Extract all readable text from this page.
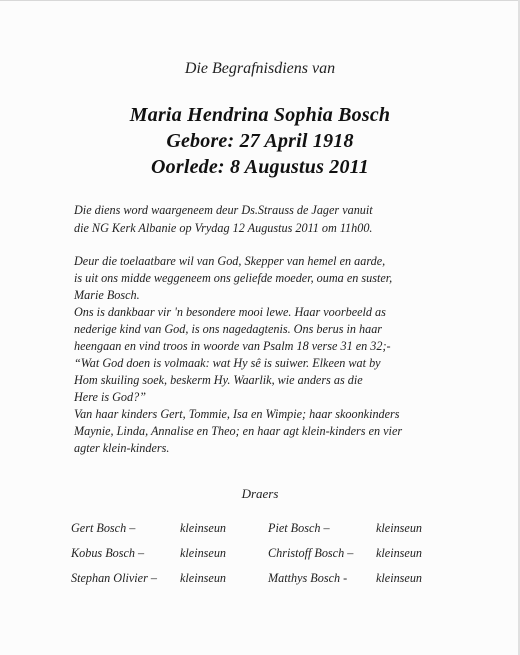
Die Begrafnisdiens van
Maria Hendrina Sophia Bosch
Gebore: 27 April 1918
Oorlede: 8 Augustus 2011
Die diens word waargeneem deur Ds.Strauss de Jager vanuit
die NG Kerk Albanie op Vrydag 12 Augustus 2011 om 11h00.
Deur die toelaatbare wil van God, Skepper van hemel en aarde,
is uit ons midde weggeneem ons geliefde moeder, ouma en suster,
Marie Bosch.
Ons is dankbaar vir 'n besondere mooi lewe. Haar voorbeeld as
nederige kind van God, is ons nagedagtenis. Ons berus in haar
heengaan en vind troos in woorde van Psalm 18 verse 31 en 32;-
“Wat God doen is volmaak: wat Hy sê is suiwer. Elkeen wat by
Hom skuiling soek, beskerm Hy. Waarlik, wie anders as die
Here is God?”
Van haar kinders Gert, Tommie, Isa en Wimpie; haar skoonkinders
Maynie, Linda, Annalise en Theo; en haar agt klein-kinders en vier
agter klein-kinders.
Draers
Gert Bosch –	kleinseun	Piet Bosch –	kleinseun
Kobus Bosch –	kleinseun	Christoff Bosch – kleinseun
Stephan Olivier – kleinseun	Matthys Bosch - kleinseun
